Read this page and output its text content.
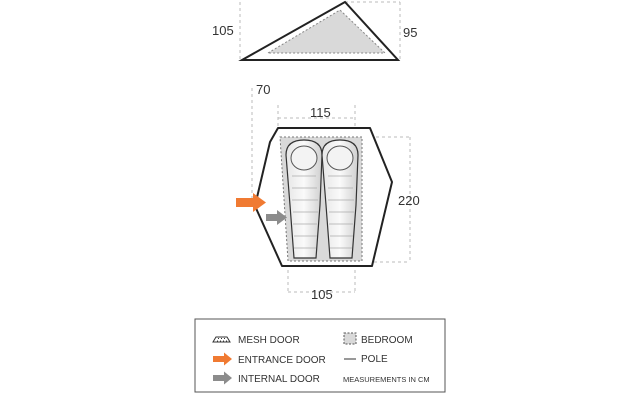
105	95
70
115
220
105
MESH DOOR
ENTRANCE DOOR
INTERNAL DOOR
BEDROOM
POLE
MEASUREMENTS IN CM
